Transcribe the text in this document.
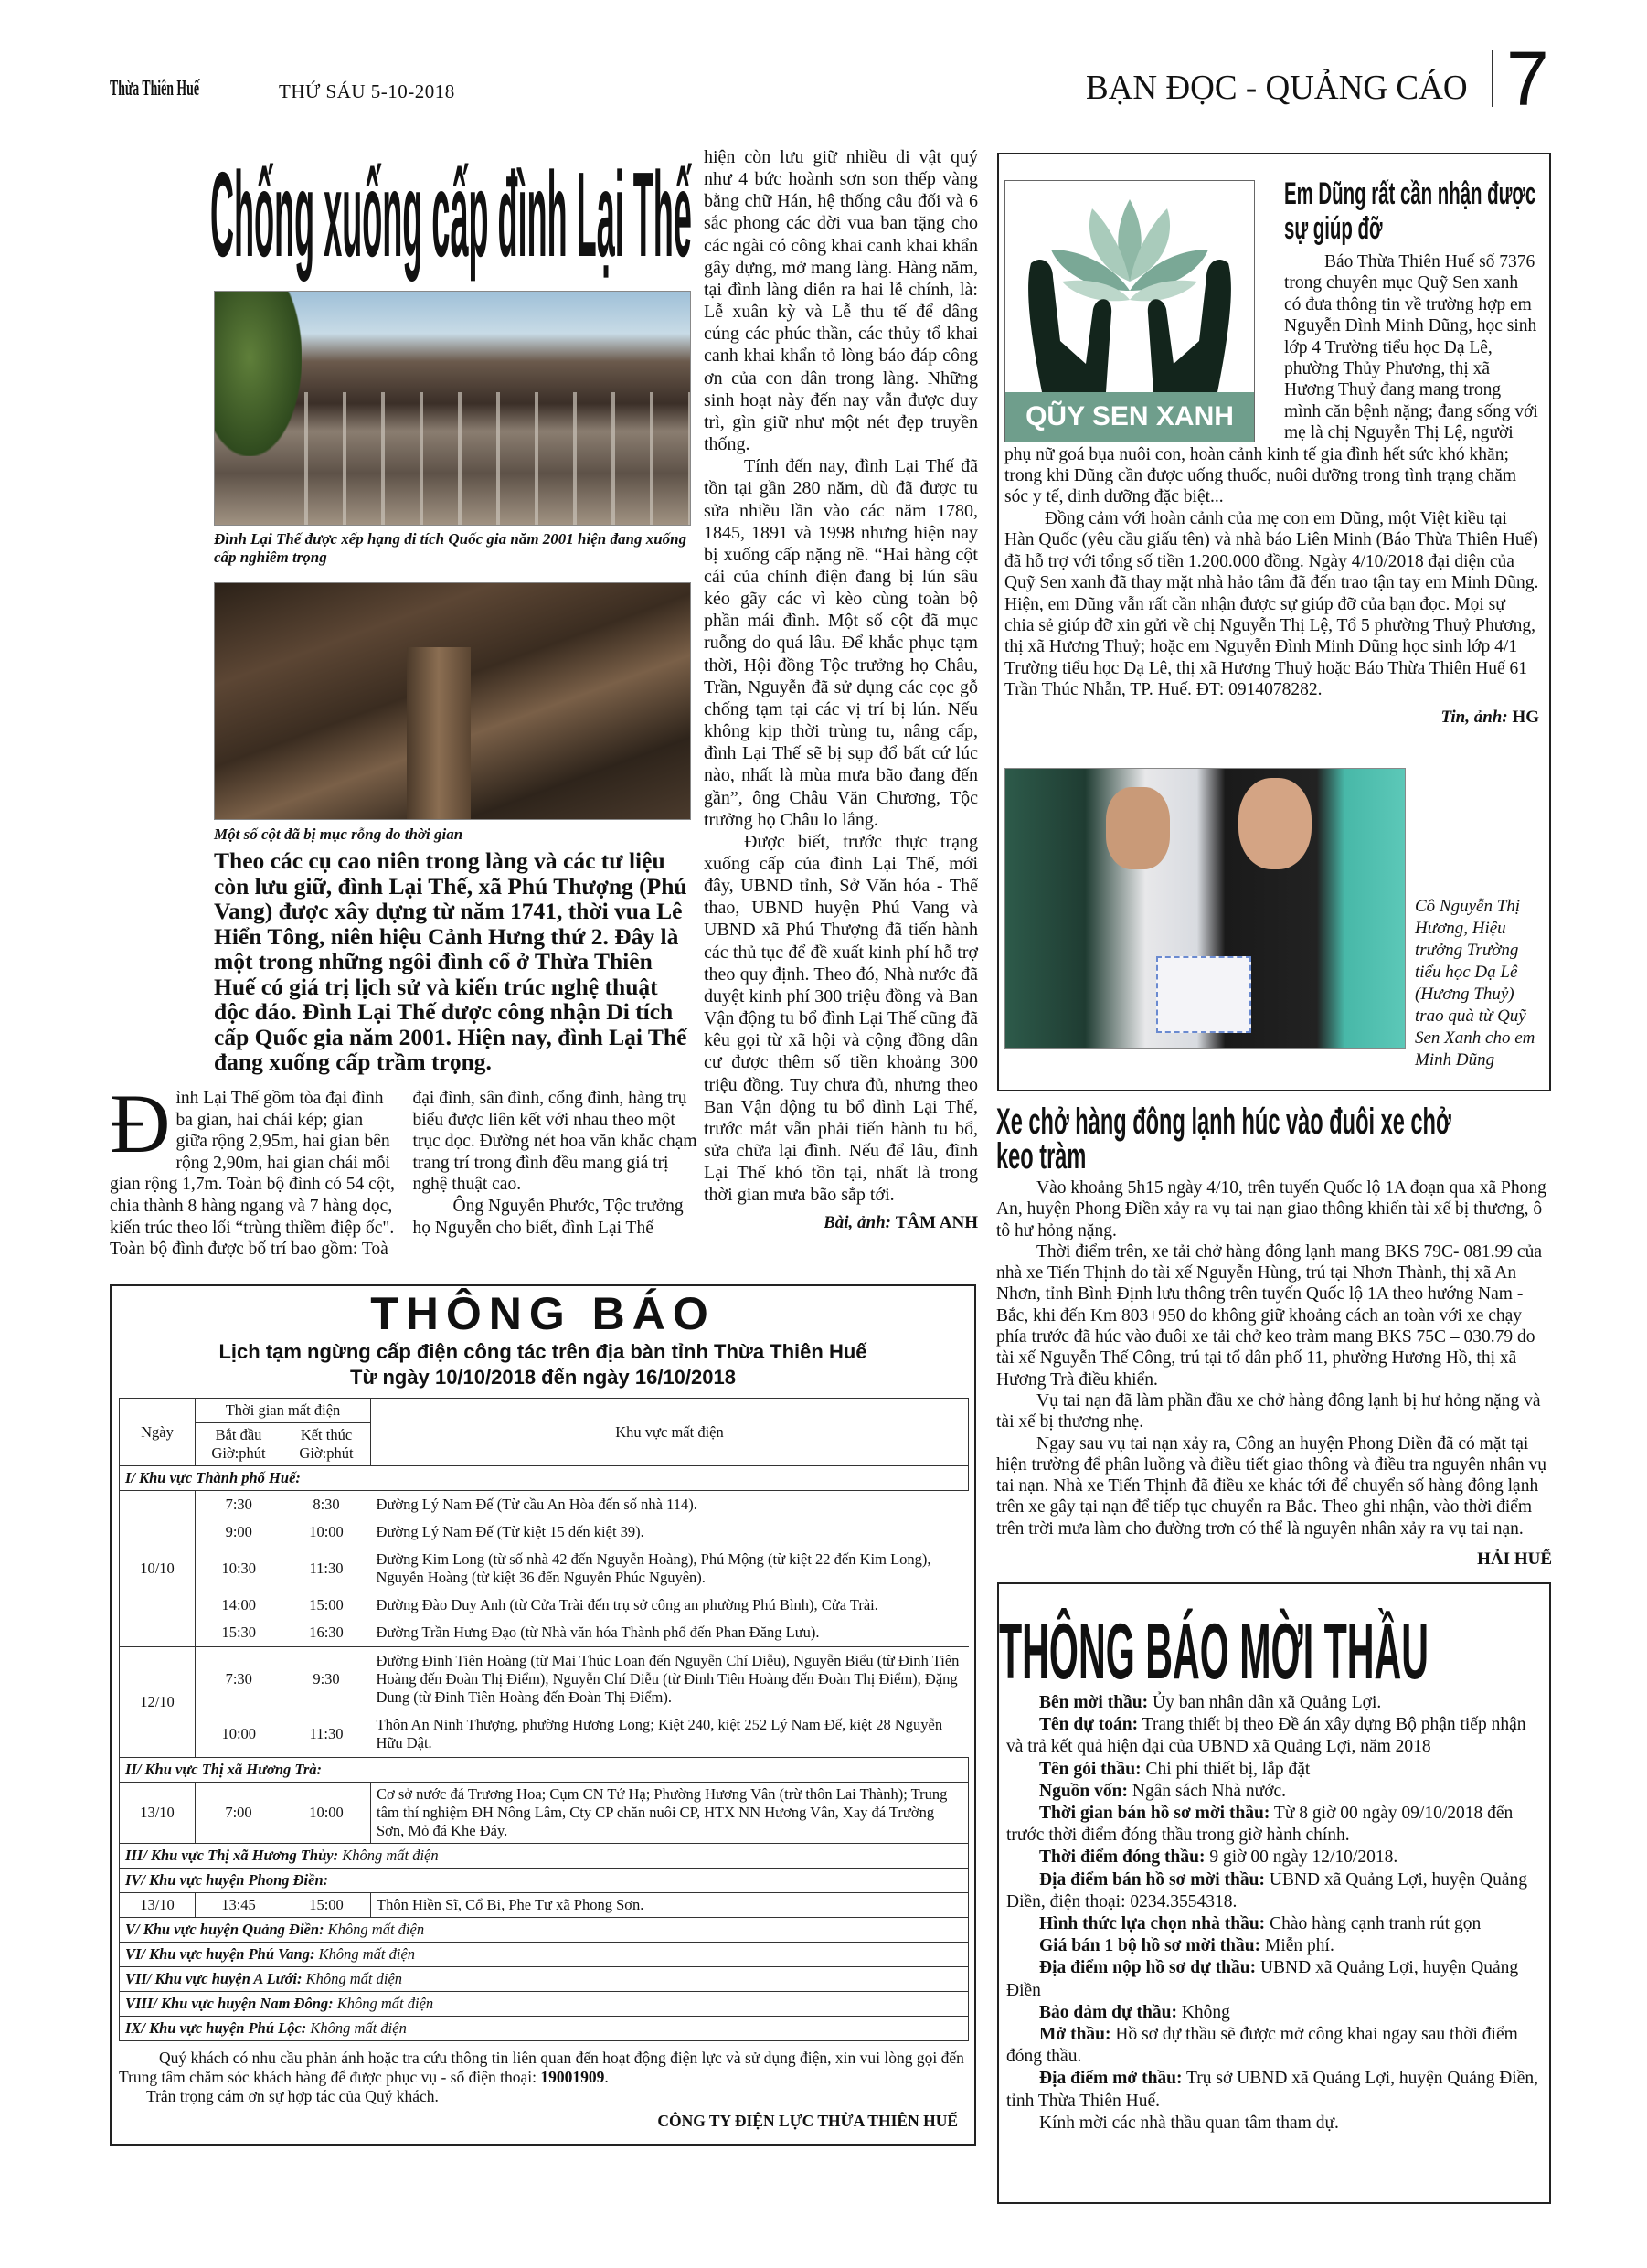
Thừa Thiên Huế	THỨ SÁU 5-10-2018	BẠN ĐỌC - QUẢNG CÁO 7
Chống xuống cấp đình Lại Thế
Đình Lại Thế được xếp hạng di tích Quốc gia năm 2001 hiện đang xuống cấp nghiêm trọng
Một số cột đã bị mục rỗng do thời gian
Theo các cụ cao niên trong làng và các tư liệu còn lưu giữ, đình Lại Thế, xã Phú Thượng (Phú Vang) được xây dựng từ năm 1741, thời vua Lê Hiển Tông, niên hiệu Cảnh Hưng thứ 2. Đây là một trong những ngôi đình cổ ở Thừa Thiên Huế có giá trị lịch sử và kiến trúc nghệ thuật độc đáo. Đình Lại Thế được công nhận Di tích cấp Quốc gia năm 2001. Hiện nay, đình Lại Thế đang xuống cấp trầm trọng.

Đình Lại Thế gồm tòa đại đình ba gian, hai chái kép; gian giữa rộng 2,95m, hai gian bên rộng 2,90m, hai gian chái mỗi gian rộng 1,7m. Toàn bộ đình có 54 cột, chia thành 8 hàng ngang và 7 hàng dọc, kiến trúc theo lối “trùng thiềm điệp ốc". Toàn bộ đình được bố trí bao gồm: Toà đại đình, sân đình, cổng đình, hàng trụ biểu được liên kết với nhau theo một trục dọc. Đường nét hoa văn khắc chạm trang trí trong đình đều mang giá trị nghệ thuật cao.

Ông Nguyễn Phước, Tộc trưởng họ Nguyễn cho biết, đình Lại Thế

hiện còn lưu giữ nhiều di vật quý như 4 bức hoành sơn son thếp vàng bằng chữ Hán, hệ thống câu đối và 6 sắc phong các đời vua ban tặng cho các ngài có công khai canh khai khẩn gây dựng, mở mang làng. Hàng năm, tại đình làng diễn ra hai lễ chính, là: Lễ xuân kỳ và Lễ thu tế để dâng cúng các phúc thần, các thủy tổ khai canh khai khẩn tỏ lòng báo đáp công ơn của con dân trong làng. Những sinh hoạt này đến nay vẫn được duy trì, gìn giữ như một nét đẹp truyền thống.

Tính đến nay, đình Lại Thế đã tồn tại gần 280 năm, dù đã được tu sửa nhiều lần vào các năm 1780, 1845, 1891 và 1998 nhưng hiện nay bị xuống cấp nặng nề. “Hai hàng cột cái của chính điện đang bị lún sâu kéo gãy các vì kèo cùng toàn bộ phần mái đình. Một số cột đã mục ruỗng do quá lâu. Để khắc phục tạm thời, Hội đồng Tộc trưởng họ Châu, Trần, Nguyễn đã sử dụng các cọc gỗ chống tạm tại các vị trí bị lún. Nếu không kịp thời trùng tu, nâng cấp, đình Lại Thế sẽ bị sụp đổ bất cứ lúc nào, nhất là mùa mưa bão đang đến gần”, ông Châu Văn Chương, Tộc trưởng họ Châu lo lắng.

Được biết, trước thực trạng xuống cấp của đình Lại Thế, mới đây, UBND tỉnh, Sở Văn hóa - Thể thao, UBND huyện Phú Vang và UBND xã Phú Thượng đã tiến hành các thủ tục để đề xuất kinh phí hỗ trợ theo quy định. Theo đó, Nhà nước đã duyệt kinh phí 300 triệu đồng và Ban Vận động tu bổ đình Lại Thế cũng đã kêu gọi từ xã hội và cộng đồng dân cư được thêm số tiền khoảng 300 triệu đồng. Tuy chưa đủ, nhưng theo Ban Vận động tu bổ đình Lại Thế, trước mắt vẫn phải tiến hành tu bổ, sửa chữa lại đình. Nếu để lâu, đình Lại Thế khó tồn tại, nhất là trong thời gian mưa bão sắp tới.

Bài, ảnh: TÂM ANH
QŨY SEN XANH
Em Dũng rất cần nhận được sự giúp đỡ

Báo Thừa Thiên Huế số 7376 trong chuyên mục Quỹ Sen xanh có đưa thông tin về trường hợp em Nguyễn Đình Minh Dũng, học sinh lớp 4 Trường tiểu học Dạ Lê, phường Thủy Phương, thị xã Hương Thuỷ đang mang trong mình căn bệnh nặng; đang sống với mẹ là chị Nguyễn Thị Lệ, người phụ nữ goá bụa nuôi con, hoàn cảnh kinh tế gia đình hết sức khó khăn; trong khi Dũng cần được uống thuốc, nuôi dưỡng trong tình trạng chăm sóc y tế, dinh dưỡng đặc biệt...

Đồng cảm với hoàn cảnh của mẹ con em Dũng, một Việt kiều tại Hàn Quốc (yêu cầu giấu tên) và nhà báo Liên Minh (Báo Thừa Thiên Huế) đã hỗ trợ với tổng số tiền 1.200.000 đồng. Ngày 4/10/2018 đại diện của Quỹ Sen xanh đã thay mặt nhà hảo tâm đã đến trao tận tay em Minh Dũng. Hiện, em Dũng vẫn rất cần nhận được sự giúp đỡ của bạn đọc. Mọi sự chia sẻ giúp đỡ xin gửi về chị Nguyễn Thị Lệ, Tổ 5 phường Thuỷ Phương, thị xã Hương Thuỷ; hoặc em Nguyễn Đình Minh Dũng học sinh lớp 4/1 Trường tiểu học Dạ Lê, thị xã Hương Thuỷ hoặc Báo Thừa Thiên Huế 61 Trần Thúc Nhẫn, TP. Huế. ĐT: 0914078282.

Tin, ảnh: HG
Cô Nguyễn Thị Hương, Hiệu trưởng Trường tiểu học Dạ Lê (Hương Thuỷ) trao quà từ Quỹ Sen Xanh cho em Minh Dũng
Xe chở hàng đông lạnh húc vào đuôi xe chở keo tràm

Vào khoảng 5h15 ngày 4/10, trên tuyến Quốc lộ 1A đoạn qua xã Phong An, huyện Phong Điền xảy ra vụ tai nạn giao thông khiến tài xế bị thương, ô tô hư hỏng nặng.

Thời điểm trên, xe tải chở hàng đông lạnh mang BKS 79C- 081.99 của nhà xe Tiến Thịnh do tài xế Nguyễn Hùng, trú tại Nhơn Thành, thị xã An Nhơn, tỉnh Bình Định lưu thông trên tuyến Quốc lộ 1A theo hướng Nam - Bắc, khi đến Km 803+950 do không giữ khoảng cách an toàn với xe chạy phía trước đã húc vào đuôi xe tải chở keo tràm mang BKS 75C – 030.79 do tài xế Nguyễn Thế Công, trú tại tổ dân phố 11, phường Hương Hồ, thị xã Hương Trà điều khiển.

Vụ tai nạn đã làm phần đầu xe chở hàng đông lạnh bị hư hỏng nặng và tài xế bị thương nhẹ.

Ngay sau vụ tai nạn xảy ra, Công an huyện Phong Điền đã có mặt tại hiện trường để phân luồng và điều tiết giao thông và điều tra nguyên nhân vụ tai nạn. Nhà xe Tiến Thịnh đã điều xe khác tới để chuyển số hàng đông lạnh trên xe gây tại nạn để tiếp tục chuyển ra Bắc. Theo ghi nhận, vào thời điểm trên trời mưa làm cho đường trơn có thể là nguyên nhân xảy ra vụ tai nạn.

HẢI HUẾ
THÔNG BÁO MỜI THẦU

Bên mời thầu: Ủy ban nhân dân xã Quảng Lợi.

Tên dự toán: Trang thiết bị theo Đề án xây dựng Bộ phận tiếp nhận và trả kết quả hiện đại của UBND xã Quảng Lợi, năm 2018

Tên gói thầu: Chi phí thiết bị, lắp đặt

Nguồn vốn: Ngân sách Nhà nước.

Thời gian bán hồ sơ mời thầu: Từ 8 giờ 00 ngày 09/10/2018 đến trước thời điểm đóng thầu trong giờ hành chính.

Thời điểm đóng thầu: 9 giờ 00 ngày 12/10/2018.

Địa điểm bán hồ sơ mời thầu: UBND xã Quảng Lợi, huyện Quảng Điền, điện thoại: 0234.3554318.

Hình thức lựa chọn nhà thầu: Chào hàng cạnh tranh rút gọn

Giá bán 1 bộ hồ sơ mời thầu: Miễn phí.

Địa điểm nộp hồ sơ dự thầu: UBND xã Quảng Lợi, huyện Quảng Điền

Bảo đảm dự thầu: Không

Mở thầu: Hồ sơ dự thầu sẽ được mở công khai ngay sau thời điểm đóng thầu.

Địa điểm mở thầu: Trụ sở UBND xã Quảng Lợi, huyện Quảng Điền, tỉnh Thừa Thiên Huế.

Kính mời các nhà thầu quan tâm tham dự.

THÔNG BÁO
Lịch tạm ngừng cấp điện công tác trên địa bàn tỉnh Thừa Thiên Huế
Từ ngày 10/10/2018 đến ngày 16/10/2018
Ngày	Thời gian mất điện		Khu vực mất điện
	Bắt đầu Giờ:phút	Kết thúc Giờ:phút	
I/ Khu vực Thành phố Huế:			
10/10	7:30	8:30	Đường Lý Nam Đế (Từ cầu An Hòa đến số nhà 114).
	9:00	10:00	Đường Lý Nam Đế (Từ kiệt 15 đến kiệt 39).
	10:30	11:30	Đường Kim Long (từ số nhà 42 đến Nguyễn Hoàng), Phú Mộng (từ kiệt 22 đến Kim Long), Nguyễn Hoàng (từ kiệt 36 đến Nguyễn Phúc Nguyên).
	14:00	15:00	Đường Đào Duy Anh (từ Cửa Trài đến trụ sở công an phường Phú Bình), Cửa Trài.
	15:30	16:30	Đường Trần Hưng Đạo (từ Nhà văn hóa Thành phố đến Phan Đăng Lưu).
12/10	7:30	9:30	Đường Đinh Tiên Hoàng (từ Mai Thúc Loan đến Nguyễn Chí Diễu), Nguyễn Biểu (từ Đinh Tiên Hoàng đến Đoàn Thị Điểm), Nguyễn Chí Diễu (từ Đinh Tiên Hoàng đến Đoàn Thị Điểm), Đặng Dung (từ Đinh Tiên Hoàng đến Đoàn Thị Điểm).
	10:00	11:30	Thôn An Ninh Thượng, phường Hương Long; Kiệt 240, kiệt 252 Lý Nam Đế, kiệt 28 Nguyễn Hữu Dật.
II/ Khu vực Thị xã Hương Trà:			
13/10	7:00	10:00	Cơ sở nước đá Trương Hoa; Cụm CN Tứ Hạ; Phường Hương Vân (trừ thôn Lai Thành); Trung tâm thí nghiệm ĐH Nông Lâm, Cty CP chăn nuôi CP, HTX NN Hương Vân, Xay đá Trường Sơn, Mỏ đá Khe Đáy.
III/ Khu vực Thị xã Hương Thủy: Không mất điện			
IV/ Khu vực huyện Phong Điền:			
13/10	13:45	15:00	Thôn Hiền Sĩ, Cổ Bi, Phe Tư xã Phong Sơn.
V/ Khu vực huyện Quảng Điền: Không mất điện			
VI/ Khu vực huyện Phú Vang: Không mất điện			
VII/ Khu vực huyện A Lưới: Không mất điện			
VIII/ Khu vực huyện Nam Đông: Không mất điện			
IX/ Khu vực huyện Phú Lộc: Không mất điện			

Quý khách có nhu cầu phản ánh hoặc tra cứu thông tin liên quan đến hoạt động điện lực và sử dụng điện, xin vui lòng gọi đến Trung tâm chăm sóc khách hàng để được phục vụ - số điện thoại: 19001909.

Trân trọng cám ơn sự hợp tác của Quý khách.

CÔNG TY ĐIỆN LỰC THỪA THIÊN HUẾ
